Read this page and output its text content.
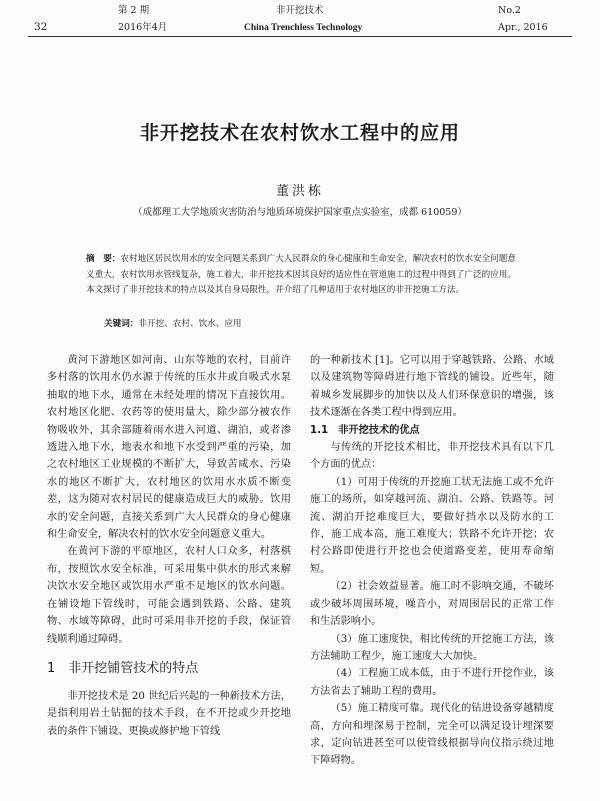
第 2 期	非开挖技术	No.2
32	2016年4月	China Trenchless Technology	Apr., 2016
非开挖技术在农村饮水工程中的应用
董洪栋
（成都理工大学地质灾害防治与地质环境保护国家重点实验室，成都 610059）
摘　要：农村地区居民饮用水的安全问题关系到广大人民群众的身心健康和生命安全，解决农村的饮水安全问题意义重大，农村饮用水管线复杂，施工着大，非开挖技术因其良好的适应性在管道施工的过程中得到了广泛的应用。本文探讨了非开挖技术的特点以及其自身局限性，并介绍了几种适用于农村地区的非开挖施工方法。
关键词：非开挖、农村、饮水、应用

黄河下游地区如河南、山东等地的农村，目前许多村落的饮用水仍水源于传统的压水井或自吸式水泵抽取的地下水，通常在未经处理的情况下直接饮用。农村地区化肥、农药等的使用量大，除少部分被农作物吸收外，其余部随着雨水进入河道、湖泊，或者渗透进入地下水，地表水和地下水受到严重的污染，加之农村地区工业规模的不断扩大，导致苦咸水、污染水的地区不断扩大，农村地区的饮用水水质不断变差，这为随对农村居民的健康造成巨大的威胁。饮用水的安全问题，直接关系到广大人民群众的身心健康和生命安全，解决农村的饮水安全问题意义重大。

在黄河下游的平原地区，农村人口众多，村落棋布，按照饮水安全标准，可采用集中供水的形式来解决饮水安全地区或饮用水严重不足地区的饮水问题。在铺设地下管线时，可能会遇到铁路、公路、建筑物、水域等障碍，此时可采用非开挖的手段，保证管线顺利通过障碍。

1　非开挖铺管技术的特点

非开挖技术是 20 世纪后兴起的一种新技术方法，是指利用岩土钻掘的技术手段，在不开挖或少开挖地表的条件下铺设、更换或修护地下管线

的一种新技术 [1]。它可以用于穿越铁路、公路、水域以及建筑物等障碍进行地下管线的铺设。近些年，随着城乡发展脚步的加快以及人们环保意识的增强，该技术逐渐在各类工程中得到应用。

1.1　非开挖技术的优点

与传统的开挖技术相比，非开挖技术具有以下几个方面的优点：

（1）可用于传统的开挖施工状无法施工或不允许施工的场所，如穿越河流、湖泊、公路、铁路等。河流、湖泊开挖难度巨大，要做好挡水以及防水的工作，施工成本高，施工难度大；铁路不允许开挖；农村公路即使进行开挖也会使道路变差，使用寿命缩短。

（2）社会效益显著。施工时不影响交通，不破坏或少破坏周围环境，噪音小，对周围居民的正常工作和生活影响小。

（3）施工速度快，相比传统的开挖施工方法，该方法辅助工程少，施工速度大大加快。

（4）工程施工成本低，由于不进行开挖作业，该方法省去了辅助工程的费用。

（5）施工精度可靠。现代化的钻进设备穿越精度高，方向和埋深易于控制，完全可以满足设计埋深要求，定向钻进甚至可以使管线根据导向仪指示绕过地下障碍物。
